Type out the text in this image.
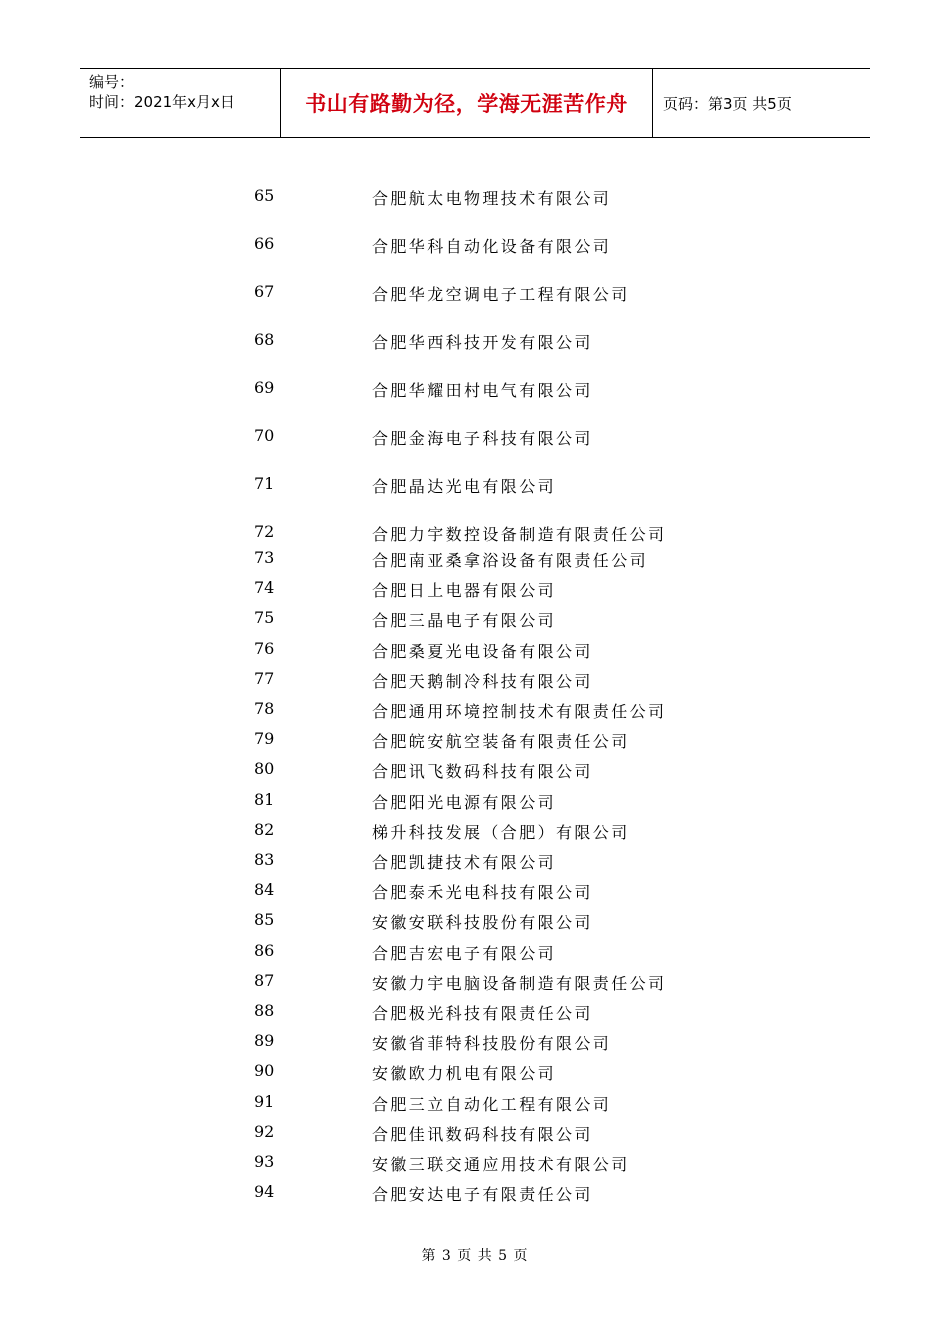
编号：
时间：2021年x月x日	书山有路勤为径，学海无涯苦作舟	页码：第3页 共5页
65	合肥航太电物理技术有限公司
66	合肥华科自动化设备有限公司
67	合肥华龙空调电子工程有限公司
68	合肥华西科技开发有限公司
69	合肥华耀田村电气有限公司
70	合肥金海电子科技有限公司
71	合肥晶达光电有限公司
72	合肥力宇数控设备制造有限责任公司
73	合肥南亚桑拿浴设备有限责任公司
74	合肥日上电器有限公司
75	合肥三晶电子有限公司
76	合肥桑夏光电设备有限公司
77	合肥天鹅制冷科技有限公司
78	合肥通用环境控制技术有限责任公司
79	合肥皖安航空装备有限责任公司
80	合肥讯飞数码科技有限公司
81	合肥阳光电源有限公司
82	梯升科技发展（合肥）有限公司
83	合肥凯捷技术有限公司
84	合肥泰禾光电科技有限公司
85	安徽安联科技股份有限公司
86	合肥吉宏电子有限公司
87	安徽力宇电脑设备制造有限责任公司
88	合肥极光科技有限责任公司
89	安徽省菲特科技股份有限公司
90	安徽欧力机电有限公司
91	合肥三立自动化工程有限公司
92	合肥佳讯数码科技有限公司
93	安徽三联交通应用技术有限公司
94	合肥安达电子有限责任公司
第 3 页 共 5 页
